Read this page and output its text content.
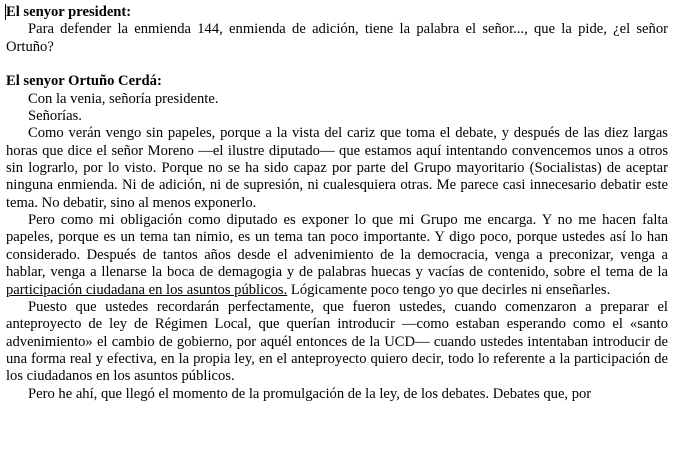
El senyor president:

Para defender la enmienda 144, enmienda de adición, tiene la palabra el señor..., que la pide, ¿el señor Ortuño?

El senyor Ortuño Cerdá:

Con la venia, señoría presidente.

Señorías.

Como verán vengo sin papeles, porque a la vista del cariz que toma el debate, y después de las diez largas horas que dice el señor Moreno —el ilustre diputado— que estamos aquí intentando convencemos unos a otros sin lograrlo, por lo visto. Porque no se ha sido capaz por parte del Grupo mayoritario (Socialistas) de aceptar ninguna enmienda. Ni de adición, ni de supresión, ni cualesquiera otras. Me parece casi innecesario debatir este tema. No debatir, sino al menos exponerlo.

Pero como mi obligación como diputado es exponer lo que mi Grupo me encarga. Y no me hacen falta papeles, porque es un tema tan nimio, es un tema tan poco importante. Y digo poco, porque ustedes así lo han considerado. Después de tantos años desde el advenimiento de la democracia, venga a preconizar, venga a hablar, venga a llenarse la boca de demagogia y de palabras huecas y vacías de contenido, sobre el tema de la participación ciudadana en los asuntos públicos. Lógicamente poco tengo yo que decirles ni enseñarles.

Puesto que ustedes recordarán perfectamente, que fueron ustedes, cuando comenzaron a preparar el anteproyecto de ley de Régimen Local, que querían introducir —como estaban esperando como el «santo advenimiento» el cambio de gobierno, por aquél entonces de la UCD— cuando ustedes intentaban introducir de una forma real y efectiva, en la propia ley, en el anteproyecto quiero decir, todo lo referente a la participación de los ciudadanos en los asuntos públicos.

Pero he ahí, que llegó el momento de la promulgación de la ley, de los debates. Debates que, por
